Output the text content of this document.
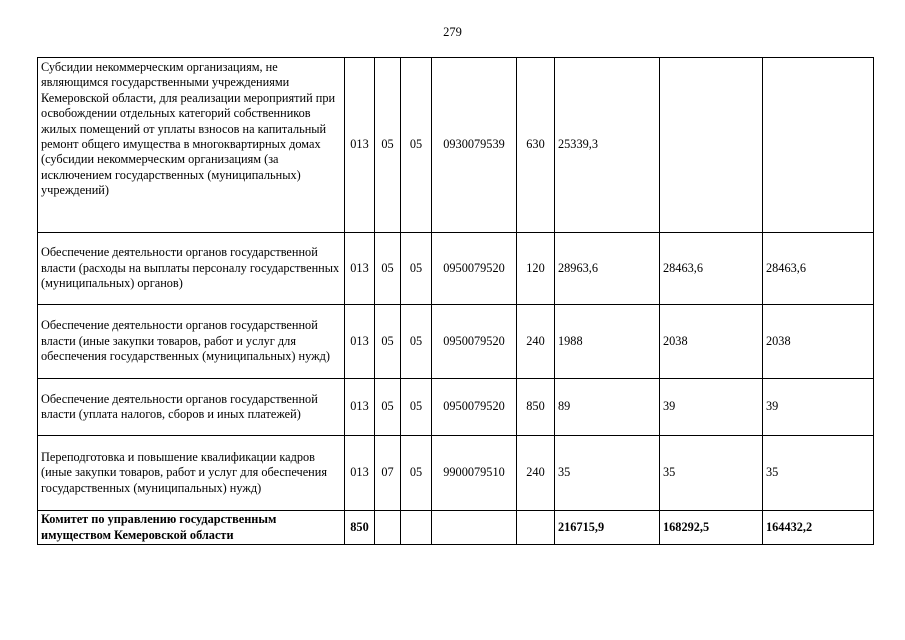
279
Субсидии некоммерческим организациям, не являющимся государственными учреждениями Кемеровской области, для реализации мероприятий при освобождении отдельных категорий собственников жилых помещений от уплаты взносов на капитальный ремонт общего имущества в многоквартирных домах (субсидии некоммерческим организациям (за исключением государственных (муниципальных) учреждений)	013	05	05	0930079539	630	25339,3		
Обеспечение деятельности органов государственной власти (расходы на выплаты персоналу государственных (муниципальных) органов)	013	05	05	0950079520	120	28963,6	28463,6	28463,6
Обеспечение деятельности органов государственной власти (иные закупки товаров, работ и услуг для обеспечения государственных (муниципальных) нужд)	013	05	05	0950079520	240	1988	2038	2038
Обеспечение деятельности органов государственной власти (уплата налогов, сборов и иных платежей)	013	05	05	0950079520	850	89	39	39
Переподготовка и повышение квалификации кадров (иные закупки товаров, работ и услуг для обеспечения государственных (муниципальных) нужд)	013	07	05	9900079510	240	35	35	35
Комитет по управлению государственным имуществом Кемеровской области	850					216715,9	168292,5	164432,2
